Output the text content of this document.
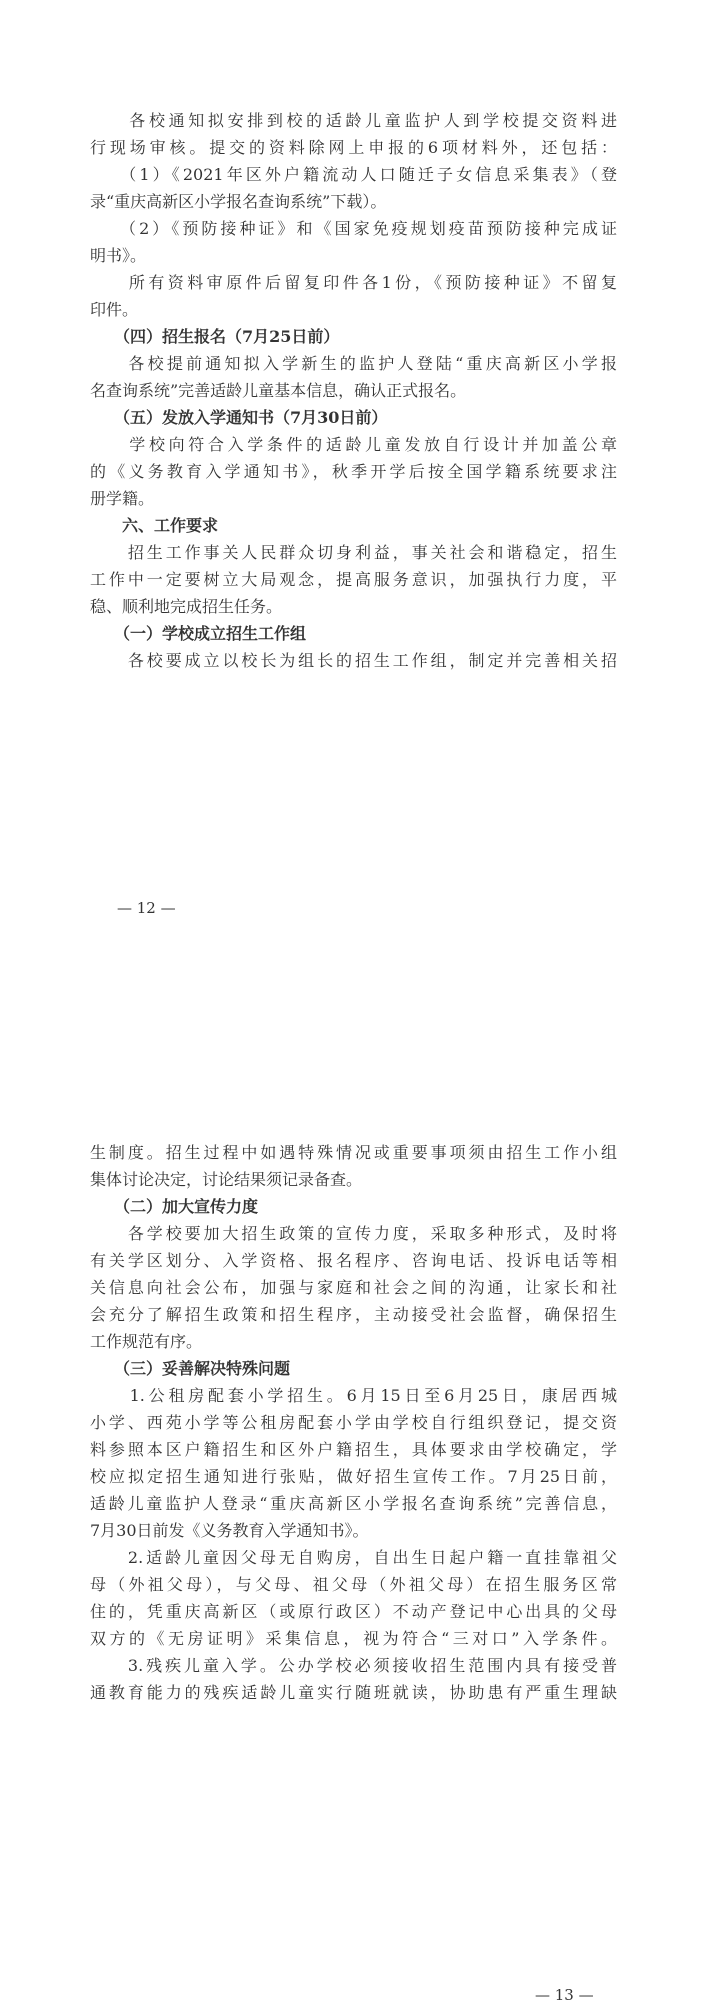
　　各校通知拟安排到校的适龄儿童监护人到学校提交资料进
行现场审核。提交的资料除网上申报的6项材料外，还包括：
　　（1）《2021年区外户籍流动人口随迁子女信息采集表》（登
录“重庆高新区小学报名查询系统”下载）。
　　（2）《预防接种证》和《国家免疫规划疫苗预防接种完成证
明书》。
　　所有资料审原件后留复印件各1份，《预防接种证》不留复
印件。
　　（四）招生报名（7月25日前）
　　各校提前通知拟入学新生的监护人登陆“重庆高新区小学报
名查询系统”完善适龄儿童基本信息，确认正式报名。
　　（五）发放入学通知书（7月30日前）
　　学校向符合入学条件的适龄儿童发放自行设计并加盖公章
的《义务教育入学通知书》，秋季开学后按全国学籍系统要求注
册学籍。
　　六、工作要求
　　招生工作事关人民群众切身利益，事关社会和谐稳定，招生
工作中一定要树立大局观念，提高服务意识，加强执行力度，平
稳、顺利地完成招生任务。
　　（一）学校成立招生工作组
　　各校要成立以校长为组长的招生工作组，制定并完善相关招
— 12 —
生制度。招生过程中如遇特殊情况或重要事项须由招生工作小组
集体讨论决定，讨论结果须记录备查。
　　（二）加大宣传力度
　　各学校要加大招生政策的宣传力度，采取多种形式，及时将
有关学区划分、入学资格、报名程序、咨询电话、投诉电话等相
关信息向社会公布，加强与家庭和社会之间的沟通，让家长和社
会充分了解招生政策和招生程序，主动接受社会监督，确保招生
工作规范有序。
　　（三）妥善解决特殊问题
　　1.公租房配套小学招生。6月15日至6月25日，康居西城
小学、西苑小学等公租房配套小学由学校自行组织登记，提交资
料参照本区户籍招生和区外户籍招生，具体要求由学校确定，学
校应拟定招生通知进行张贴，做好招生宣传工作。7月25日前，
适龄儿童监护人登录“重庆高新区小学报名查询系统”完善信息，
7月30日前发《义务教育入学通知书》。
　　2.适龄儿童因父母无自购房，自出生日起户籍一直挂靠祖父
母（外祖父母），与父母、祖父母（外祖父母）在招生服务区常
住的，凭重庆高新区（或原行政区）不动产登记中心出具的父母
双方的《无房证明》采集信息，视为符合“三对口”入学条件。
　　3.残疾儿童入学。公办学校必须接收招生范围内具有接受普
通教育能力的残疾适龄儿童实行随班就读，协助患有严重生理缺
— 13 —
